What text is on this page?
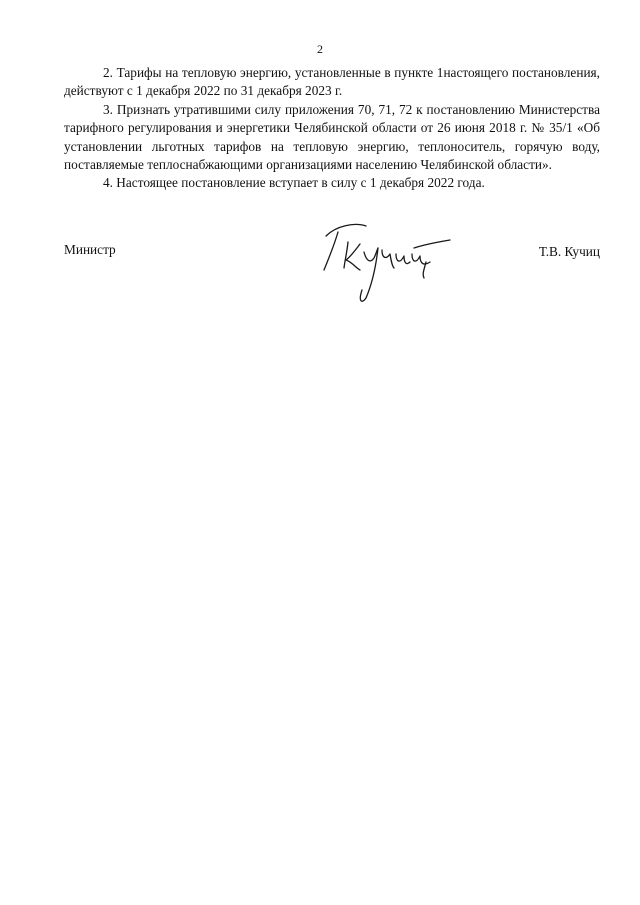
2

2. Тарифы на тепловую энергию, установленные в пункте 1настоящего постановления, действуют с 1 декабря 2022 по 31 декабря 2023 г.

3. Признать утратившими силу приложения 70, 71, 72 к постановлению Министерства тарифного регулирования и энергетики Челябинской области от 26 июня 2018 г. № 35/1 «Об установлении льготных тарифов на тепловую энергию, теплоноситель, горячую воду, поставляемые теплоснабжающими организациями населению Челябинской области».

4. Настоящее постановление вступает в силу с 1 декабря 2022 года.

Министр	Т.В. Кучиц
